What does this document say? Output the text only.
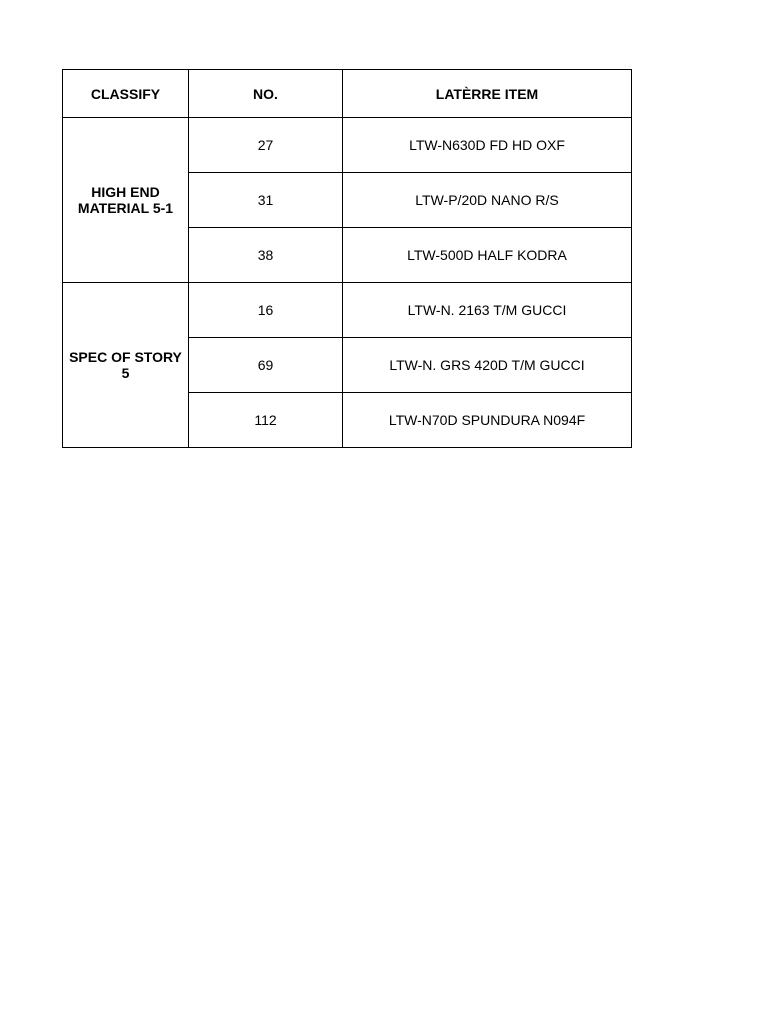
CLASSIFY	NO.	LATÈRRE ITEM
HIGH END MATERIAL 5-1	27	LTW-N630D FD HD OXF
	31	LTW-P/20D NANO R/S
	38	LTW-500D HALF KODRA
SPEC OF STORY 5	16	LTW-N. 2163 T/M GUCCI
	69	LTW-N. GRS 420D T/M GUCCI
	112	LTW-N70D SPUNDURA N094F
